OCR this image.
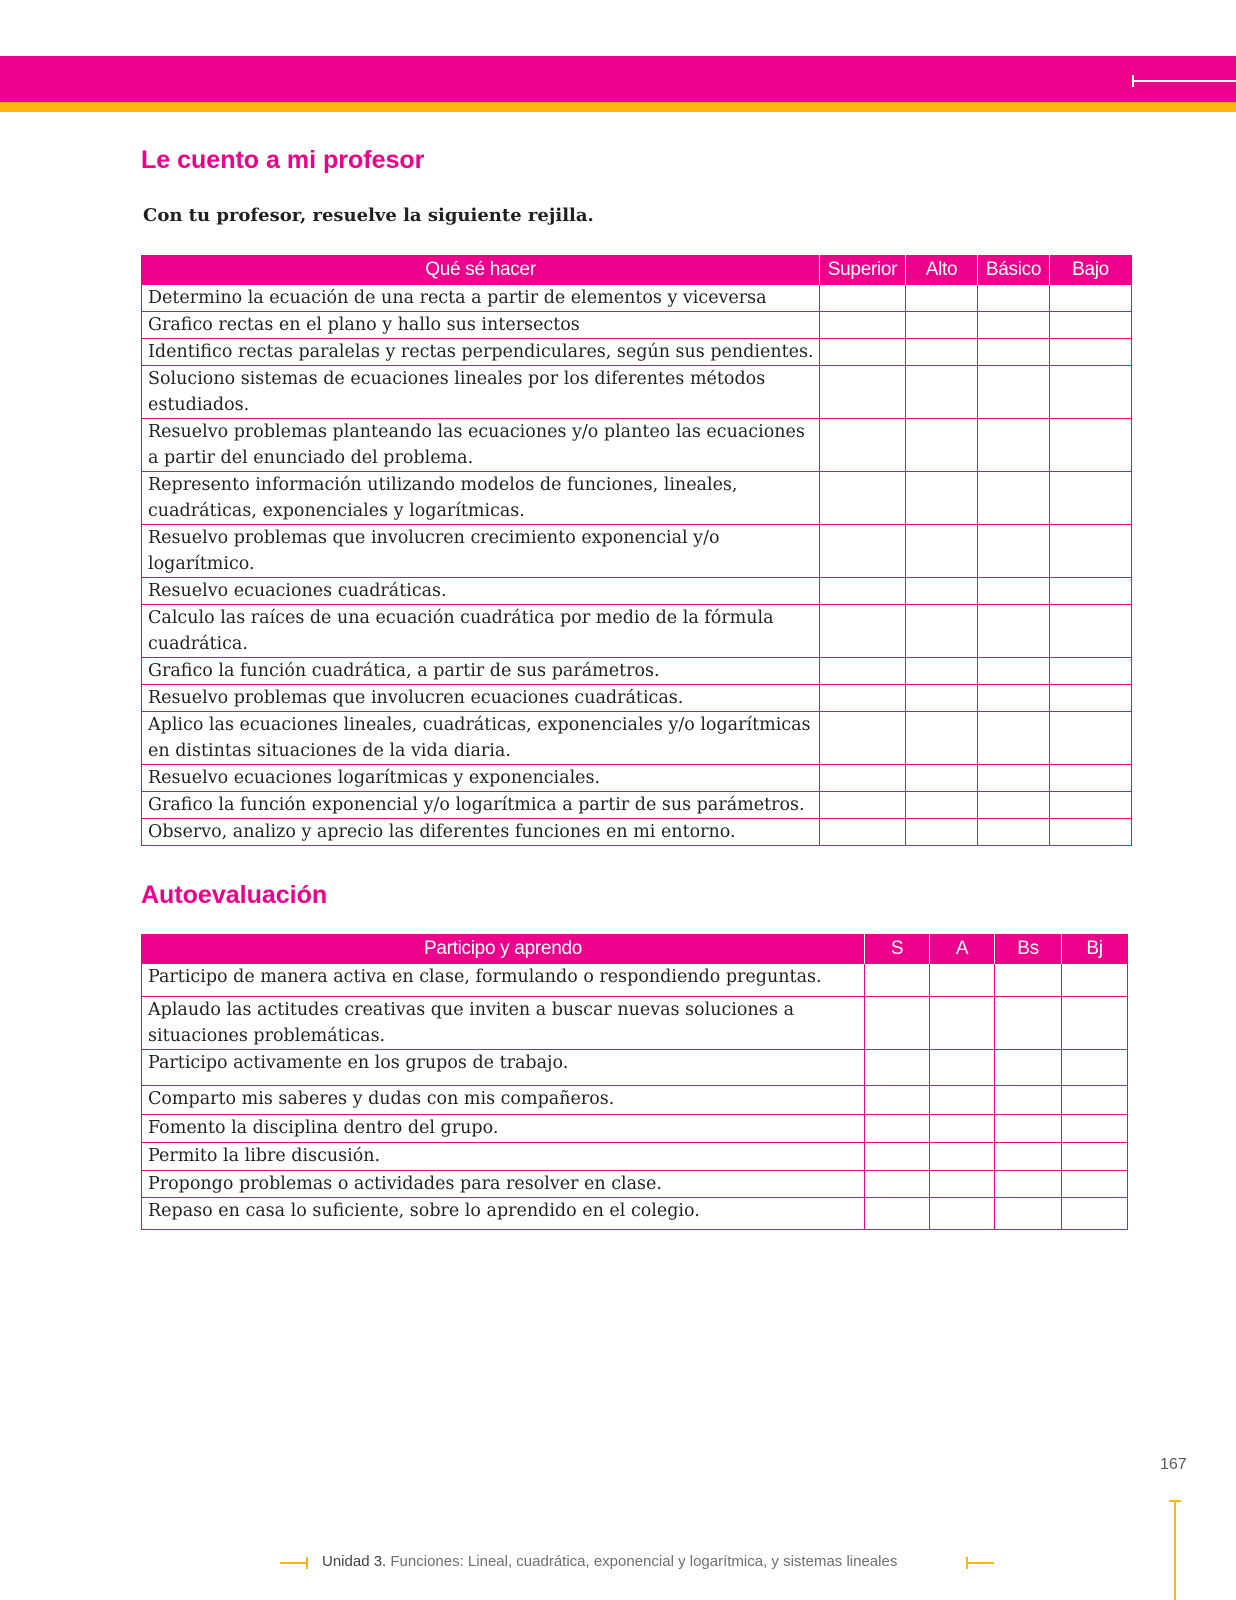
Le cuento a mi profesor

Con tu profesor, resuelve la siguiente rejilla.

Qué sé hacer	Superior	Alto	Básico	Bajo
Determino la ecuación de una recta a partir de elementos y viceversa				
Grafico rectas en el plano y hallo sus intersectos				
Identifico rectas paralelas y rectas perpendiculares, según sus pendientes.				
Soluciono sistemas de ecuaciones lineales por los diferentes métodos estudiados.				
Resuelvo problemas planteando las ecuaciones y/o planteo las ecuaciones a partir del enunciado del problema.				
Represento información utilizando modelos de funciones, lineales, cuadráticas, exponenciales y logarítmicas.				
Resuelvo problemas que involucren crecimiento exponencial y/o logarítmico.				
Resuelvo ecuaciones cuadráticas.				
Calculo las raíces de una ecuación cuadrática por medio de la fórmula cuadrática.				
Grafico la función cuadrática, a partir de sus parámetros.				
Resuelvo problemas que involucren ecuaciones cuadráticas.				
Aplico las ecuaciones lineales, cuadráticas, exponenciales y/o logarítmicas en distintas situaciones de la vida diaria.				
Resuelvo ecuaciones logarítmicas y exponenciales.				
Grafico la función exponencial y/o logarítmica a partir de sus parámetros.				
Observo, analizo y aprecio las diferentes funciones en mi entorno.				
Autoevaluación
Participo y aprendo	S	A	Bs	Bj
Participo de manera activa en clase, formulando o respondiendo preguntas.				
Aplaudo las actitudes creativas que inviten a buscar nuevas soluciones a situaciones problemáticas.				
Participo activamente en los grupos de trabajo.				
Comparto mis saberes y dudas con mis compañeros.				
Fomento la disciplina dentro del grupo.				
Permito la libre discusión.				
Propongo problemas o actividades para resolver en clase.				
Repaso en casa lo suficiente, sobre lo aprendido en el colegio.				
167
Unidad 3. Funciones: Lineal, cuadrática, exponencial y logarítmica, y sistemas lineales
